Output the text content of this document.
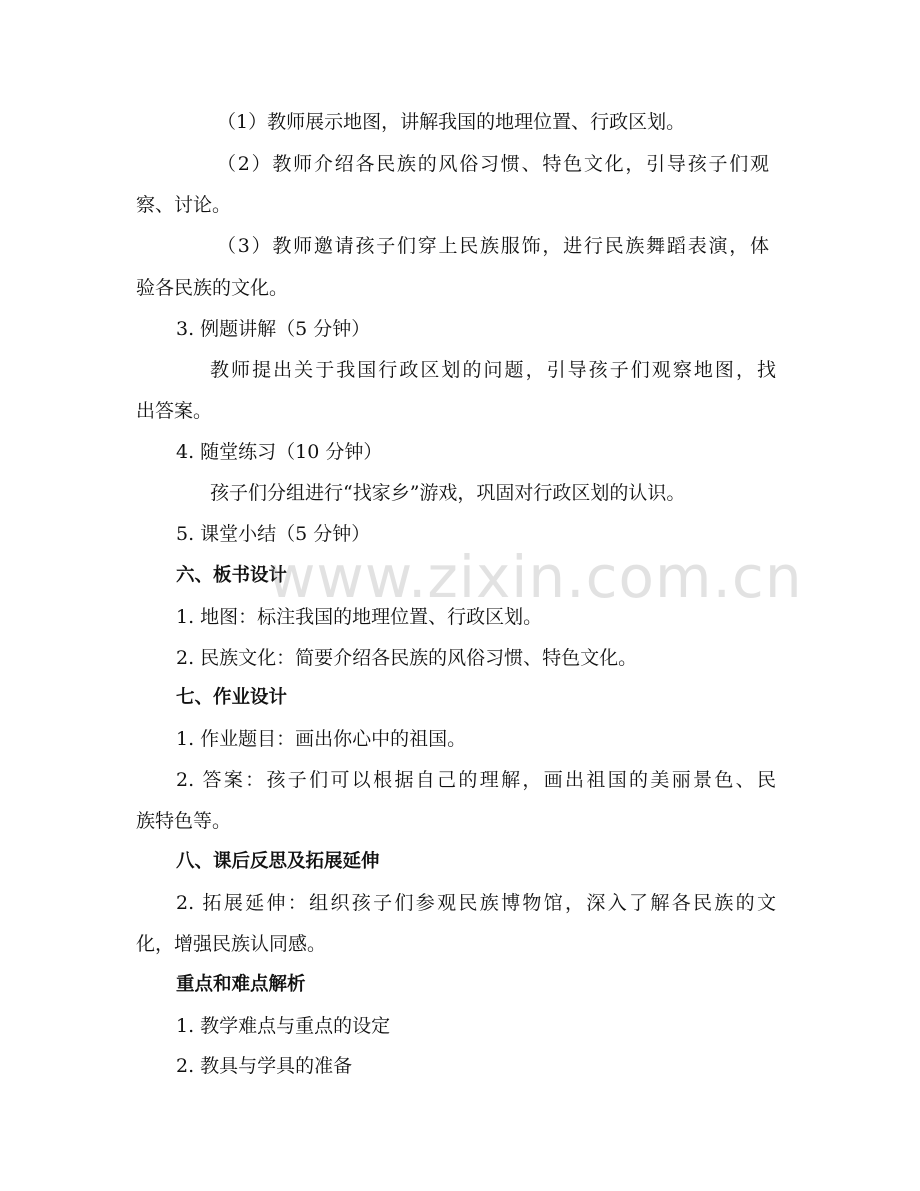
（1）教师展示地图，讲解我国的地理位置、行政区划。
（2）教师介绍各民族的风俗习惯、特色文化，引导孩子们观
察、讨论。
（3）教师邀请孩子们穿上民族服饰，进行民族舞蹈表演，体
验各民族的文化。
3. 例题讲解（5 分钟）
教师提出关于我国行政区划的问题，引导孩子们观察地图，找
出答案。
4. 随堂练习（10 分钟）
孩子们分组进行“找家乡”游戏，巩固对行政区划的认识。
5. 课堂小结（5 分钟）
六、板书设计
1. 地图：标注我国的地理位置、行政区划。
2. 民族文化：简要介绍各民族的风俗习惯、特色文化。
七、作业设计
1. 作业题目：画出你心中的祖国。
2. 答案：孩子们可以根据自己的理解，画出祖国的美丽景色、民
族特色等。
八、课后反思及拓展延伸
2. 拓展延伸：组织孩子们参观民族博物馆，深入了解各民族的文
化，增强民族认同感。
重点和难点解析
1. 教学难点与重点的设定
2. 教具与学具的准备
www.zixin.com.cn
